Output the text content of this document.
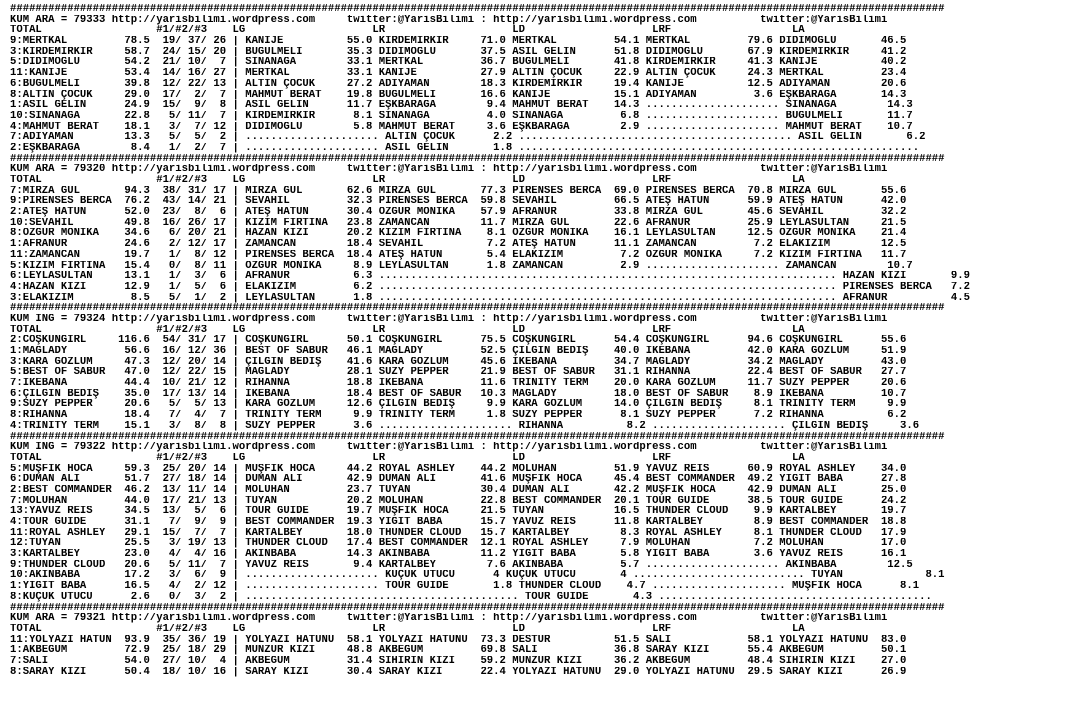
###################################################################################################################################################
KUM ARA = 79333 http://yarisbilimi.wordpress.com     twitter:@YarisBilimi : http://yarisbilimi.wordpress.com          twitter:@YarisBilimi
TOTAL                  #1/#2/#3    LG                    LR                    LD                    LRF                   LA
9:MERTKAL         78.5  19/ 37/ 26 | KANIJE          55.0 KIRDEMIRKIR     71.0 MERTKAL         54.1 MERTKAL         79.6 DIDIMOĞLU       46.5
3:KIRDEMIRKIR     58.7  24/ 15/ 20 | BÜĞÜLMELI       35.3 DIDIMOĞLU       37.5 ASIL GELIN      51.8 DIDIMOĞLU       67.9 KIRDEMIRKIR     41.2
5:DIDIMOĞLU       54.2  21/ 10/  7 | SINANAĞA        33.1 MERTKAL         36.7 BÜĞÜLMELI       41.8 KIRDEMIRKIR     41.3 KANIJE          40.2
11:KANIJE         53.4  14/ 16/ 27 | MERTKAL         33.1 KANIJE          27.9 ALTIN ÇOCUK     22.9 ALTIN ÇOCUK     24.3 MERTKAL         23.4
6:BÜĞÜLMELI       39.8  12/ 22/ 13 | ALTIN ÇOCUK     27.2 ADIYAMAN        18.3 KIRDEMIRKIR     19.4 KANIJE          12.5 ADIYAMAN        20.6
8:ALTIN ÇOCUK     29.0  17/  2/  7 | MAHMUT BERAT    19.8 BÜĞÜLMELI       16.6 KANIJE          15.1 ADIYAMAN         3.6 EŞKBARAĞA       14.3
1:ASIL GELIN      24.9  15/  9/  8 | ASIL GELIN      11.7 EŞKBARAĞA        9.4 MAHMUT BERAT    14.3 ..................... SINANAĞA        14.3
10:SINANAĞA       22.8   5/ 11/  7 | KIRDEMIRKIR      8.1 SINANAĞA         4.0 SINANAĞA         6.8 ..................... BÜĞÜLMELI       11.7
4:MAHMUT BERAT    18.1   3/  7/ 12 | DIDIMOĞLU        5.8 MAHMUT BERAT     3.6 EŞKBARAĞA        2.9 ..................... MAHMUT BERAT    10.7
7:ADIYAMAN        13.3   5/  5/  2 | ..................... ALTIN ÇOCUK      2.2 ........................................... ASIL GELIN       6.2
2:EŞKBARAĞA        8.4   1/  2/  7 | ..................... ASIL GELIN       1.8 ...............................................................
###################################################################################################################################################
KUM ARA = 79320 http://yarisbilimi.wordpress.com     twitter:@YarisBilimi : http://yarisbilimi.wordpress.com          twitter:@YarisBilimi
TOTAL                  #1/#2/#3    LG                    LR                    LD                    LRF                   LA
7:MIRZA GÜL       94.3  38/ 31/ 17 | MIRZA GÜL       62.6 MIRZA GÜL       77.3 PIRENSES BERCA  69.0 PIRENSES BERCA  70.8 MIRZA GÜL       55.6
9:PIRENSES BERCA  76.2  43/ 14/ 21 | SEVAHIL         32.3 PIRENSES BERCA  59.8 SEVAHIL         66.5 ATEŞ HATUN      59.9 ATEŞ HATUN      42.0
2:ATEŞ HATUN      52.0  23/  8/  6 | ATEŞ HATUN      30.4 ÖZGÜR MONIKA    57.9 AFRANUR         33.8 MIRZA GÜL       45.6 SEVAHIL         32.2
10:SEVAHIL        49.8  16/ 26/ 17 | KIZIM FIRTINA   23.8 ZAMANCAN        11.7 MIRZA GÜL       22.6 AFRANUR         25.9 LEYLASULTAN     21.5
8:ÖZGÜR MONIKA    34.6   6/ 20/ 21 | HAZAN KIZI      20.2 KIZIM FIRTINA    8.1 ÖZGÜR MONIKA    16.1 LEYLASULTAN     12.5 ÖZGÜR MONIKA    21.4
1:AFRANUR         24.6   2/ 12/ 17 | ZAMANCAN        18.4 SEVAHIL          7.2 ATEŞ HATUN      11.1 ZAMANCAN         7.2 ELAKIZIM        12.5
11:ZAMANCAN       19.7   1/  8/ 12 | PIRENSES BERCA  18.4 ATEŞ HATUN       5.4 ELAKIZIM         7.2 ÖZGÜR MONIKA     7.2 KIZIM FIRTINA   11.7
5:KIZIM FIRTINA   15.4   0/  8/ 11 | ÖZGÜR MONIKA     8.9 LEYLASULTAN      1.8 ZAMANCAN         2.9 ..................... ZAMANCAN        10.7
6:LEYLASULTAN     13.1   1/  3/  6 | AFRANUR          6.3 ........................................................................ HAZAN KIZI       9.9
4:HAZAN KIZI      12.9   1/  5/  6 | ELAKIZIM         6.2 ........................................................................ PIRENSES BERCA   7.2
3:ELAKIZIM         8.5   5/  1/  2 | LEYLASULTAN      1.8 ........................................................................ AFRANUR          4.5
###################################################################################################################################################
KUM ING = 79324 http://yarisbilimi.wordpress.com     twitter:@YarisBilimi : http://yarisbilimi.wordpress.com          twitter:@YarisBilimi
TOTAL                  #1/#2/#3    LG                    LR                    LD                    LRF                   LA
2:COŞKUNGIRL     116.6  54/ 31/ 17 | COŞKUNGIRL      50.1 COŞKUNGIRL      75.5 COŞKUNGIRL      54.4 COŞKUNGIRL      94.6 COŞKUNGIRL      55.6
1:MAGLADY         56.6  16/ 12/ 36 | BEST OF SABUR   46.1 MAGLADY         52.5 ÇILGIN BEDIŞ    40.0 IKEBANA         42.0 KARA GÖZLÜM     51.9
3:KARA GÖZLÜM     47.3  12/ 20/ 14 | ÇILGIN BEDIŞ    41.6 KARA GÖZLÜM     45.6 IKEBANA         34.7 MAGLADY         34.2 MAGLADY         43.0
5:BEST OF SABUR   47.0  12/ 22/ 15 | MAGLADY         28.1 SUZY PEPPER     21.9 BEST OF SABUR   31.1 RIHANNA         22.4 BEST OF SABUR   27.7
7:IKEBANA         44.4  10/ 21/ 12 | RIHANNA         18.8 IKEBANA         11.6 TRINITY TERM    20.0 KARA GÖZLÜM     11.7 SUZY PEPPER     20.6
6:ÇILGIN BEDIŞ    35.0  17/ 13/ 14 | IKEBANA         18.4 BEST OF SABUR   10.3 MAGLADY         18.0 BEST OF SABUR    8.9 IKEBANA         10.7
9:SUZY PEPPER     20.6   5/  5/ 13 | KARA GÖZLÜM     12.6 ÇILGIN BEDIŞ     9.9 KARA GÖZLÜM     14.0 ÇILGIN BEDIŞ     8.1 TRINITY TERM     9.9
8:RIHANNA         18.4   7/  4/  7 | TRINITY TERM     9.9 TRINITY TERM     1.8 SUZY PEPPER      8.1 SUZY PEPPER      7.2 RIHANNA          6.2
4:TRINITY TERM    15.1   3/  8/  8 | SUZY PEPPER      3.6 ..................... RIHANNA          8.2 ..................... ÇILGIN BEDIŞ     3.6
###################################################################################################################################################
KUM ING = 79322 http://yarisbilimi.wordpress.com     twitter:@YarisBilimi : http://yarisbilimi.wordpress.com          twitter:@YarisBilimi
TOTAL                  #1/#2/#3    LG                    LR                    LD                    LRF                   LA
5:MÜŞFIK HOCA     59.3  25/ 20/ 14 | MÜŞFIK HOCA     44.2 ROYAL ASHLEY    44.2 MOLUHAN         51.9 YAVUZ REIS      60.9 ROYAL ASHLEY    34.0
6:DUMAN ALI       51.7  27/ 18/ 14 | DUMAN ALI       42.9 DUMAN ALI       41.6 MÜŞFIK HOCA     45.4 BEST COMMANDER  49.2 YIĞIT BABA      27.8
2:BEST COMMANDER  46.2  13/ 11/ 14 | MOLUHAN         23.7 TUYAN           30.4 DUMAN ALI       42.2 MÜŞFIK HOCA     42.9 DUMAN ALI       25.0
7:MOLUHAN         44.0  17/ 21/ 13 | TUYAN           20.2 MOLUHAN         22.8 BEST COMMANDER  20.1 TOUR GUIDE      38.5 TOUR GUIDE      24.2
13:YAVUZ REIS     34.5  13/  5/  6 | TOUR GUIDE      19.7 MÜŞFIK HOCA     21.5 TUYAN           16.5 THUNDER CLOUD    9.9 KARTALBEY       19.7
4:TOUR GUIDE      31.1   7/  9/  9 | BEST COMMANDER  19.3 YIĞIT BABA      15.7 YAVUZ REIS      11.8 KARTALBEY        8.9 BEST COMMANDER  18.8
11:ROYAL ASHLEY   29.1  15/  7/  7 | KARTALBEY       18.0 THUNDER CLOUD   15.7 KARTALBEY        8.3 ROYAL ASHLEY     8.1 THUNDER CLOUD   17.9
12:TUYAN          25.5   3/ 19/ 13 | THUNDER CLOUD   17.4 BEST COMMANDER  12.1 ROYAL ASHLEY     7.9 MOLUHAN          7.2 MOLUHAN         17.0
3:KARTALBEY       23.0   4/  4/ 16 | AKINBABA        14.3 AKINBABA        11.2 YIĞIT BABA       5.8 YIĞIT BABA       3.6 YAVUZ REIS      16.1
9:THUNDER CLOUD   20.6   5/ 11/  7 | YAVUZ REIS       9.4 KARTALBEY        7.6 AKINBABA         5.7 ..................... AKINBABA        12.5
10:AKINBABA       17.2   3/  6/  9 | ..................... KÜÇÜK ÜTÜCÜ      4 KÜÇÜK ÜTÜCÜ       4 ........................... TUYAN             8.1
1:YIĞIT BABA      16.5   4/  2/ 12 | ..................... TOUR GUIDE       1.8 THUNDER CLOUD    4.7 ..................... MÜŞFIK HOCA      8.1
8:KÜÇÜK ÜTÜCÜ      2.6   0/  3/  2 | ........................................... TOUR GUIDE       4.3 ...........................................
###################################################################################################################################################
KUM ARA = 79321 http://yarisbilimi.wordpress.com     twitter:@YarisBilimi : http://yarisbilimi.wordpress.com          twitter:@YarisBilimi
TOTAL                  #1/#2/#3    LG                    LR                    LD                    LRF                   LA
11:YOLYAZI HATUN  93.9  35/ 36/ 19 | YOLYAZI HATUNU  58.1 YOLYAZI HATUNU  73.3 DESTUR          51.5 SALI            58.1 YOLYAZI HATUNU  83.0
1:AKBEGÜM         72.9  25/ 18/ 29 | MUNZUR KIZI     48.8 AKBEGÜM         69.8 SALI            36.8 SARAY KIZI      55.4 AKBEGÜM         50.1
7:SALI            54.0  27/ 10/  4 | AKBEGÜM         31.4 SIHIRIN KIZI    59.2 MUNZUR KIZI     36.2 AKBEGÜM         48.4 SIHIRIN KIZI    27.0
8:SARAY KIZI      50.4  18/ 10/ 16 | SARAY KIZI      30.4 SARAY KIZI      22.4 YOLYAZI HATUNU  29.0 YOLYAZI HATUNU  29.5 SARAY KIZI      26.9
